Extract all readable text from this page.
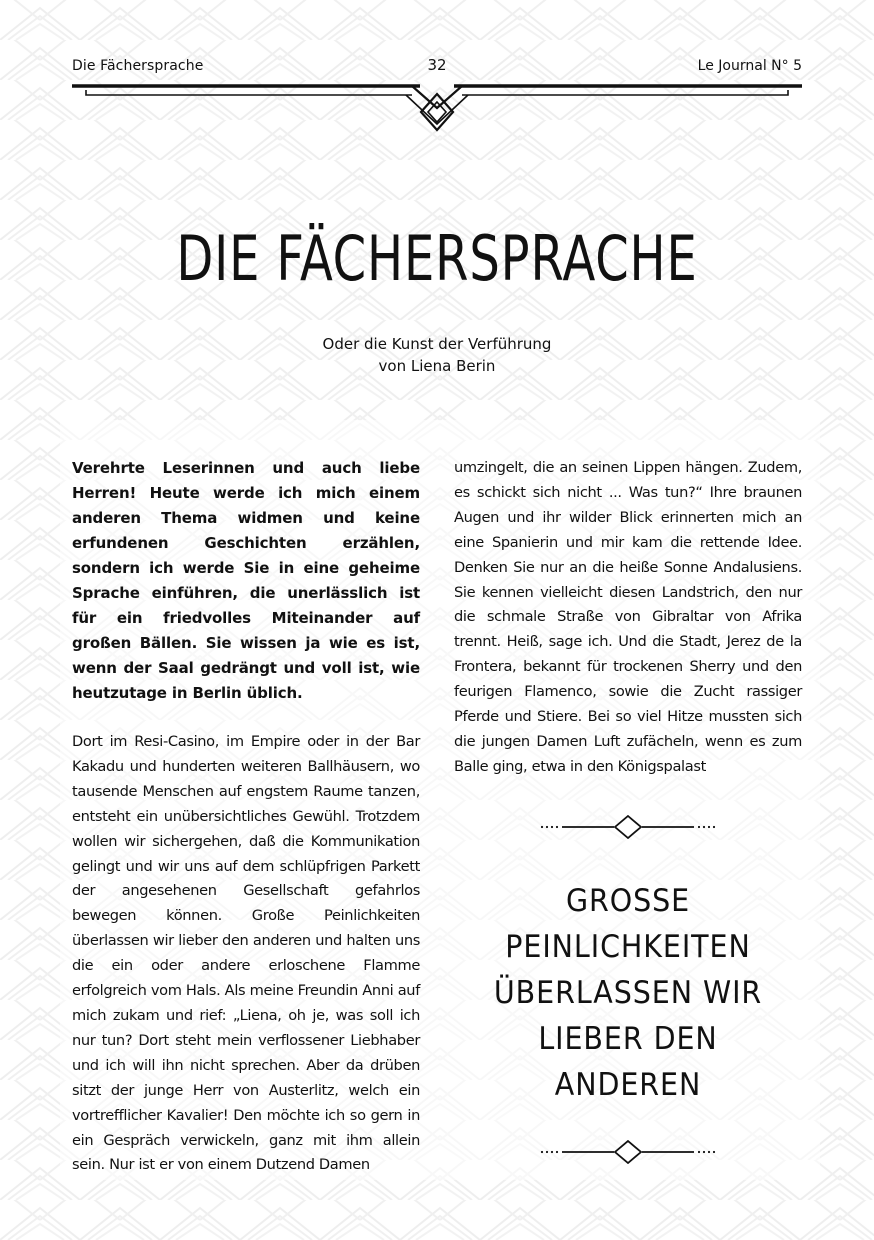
Die Fächersprache	32	Le Journal N° 5
DIE FÄCHERSPRACHE
Oder die Kunst der Verführung
von Liena Berin

Verehrte Leserinnen und auch liebe Herren! Heute werde ich mich einem anderen Thema widmen und keine erfundenen Geschichten erzählen, sondern ich werde Sie in eine geheime Sprache einführen, die unerlässlich ist für ein friedvolles Miteinander auf großen Bällen. Sie wissen ja wie es ist, wenn der Saal gedrängt und voll ist, wie heutzutage in Berlin üblich.

Dort im Resi-Casino, im Empire oder in der Bar Kakadu und hunderten weiteren Ballhäusern, wo tausende Menschen auf engstem Raume tanzen, entsteht ein unübersichtliches Gewühl. Trotzdem wollen wir sichergehen, daß die Kommunikation gelingt und wir uns auf dem schlüpfrigen Parkett der angesehenen Gesellschaft gefahrlos bewegen können. Große Peinlichkeiten überlassen wir lieber den anderen und halten uns die ein oder andere erloschene Flamme erfolgreich vom Hals. Als meine Freundin Anni auf mich zukam und rief: „Liena, oh je, was soll ich nur tun? Dort steht mein verflossener Liebhaber und ich will ihn nicht sprechen. Aber da drüben sitzt der junge Herr von Austerlitz, welch ein vortrefflicher Kavalier! Den möchte ich so gern in ein Gespräch verwickeln, ganz mit ihm allein sein. Nur ist er von einem Dutzend Damen

umzingelt, die an seinen Lippen hängen. Zudem, es schickt sich nicht ... Was tun?“ Ihre braunen Augen und ihr wilder Blick erinnerten mich an eine Spanierin und mir kam die rettende Idee. Denken Sie nur an die heiße Sonne Andalusiens. Sie kennen vielleicht diesen Landstrich, den nur die schmale Straße von Gibraltar von Afrika trennt. Heiß, sage ich. Und die Stadt, Jerez de la Frontera, bekannt für trockenen Sherry und den feurigen Flamenco, sowie die Zucht rassiger Pferde und Stiere. Bei so viel Hitze mussten sich die jungen Damen Luft zufächeln, wenn es zum Balle ging, etwa in den Königspalast

GROSSE PEINLICHKEITEN ÜBERLASSEN WIR LIEBER DEN ANDEREN
